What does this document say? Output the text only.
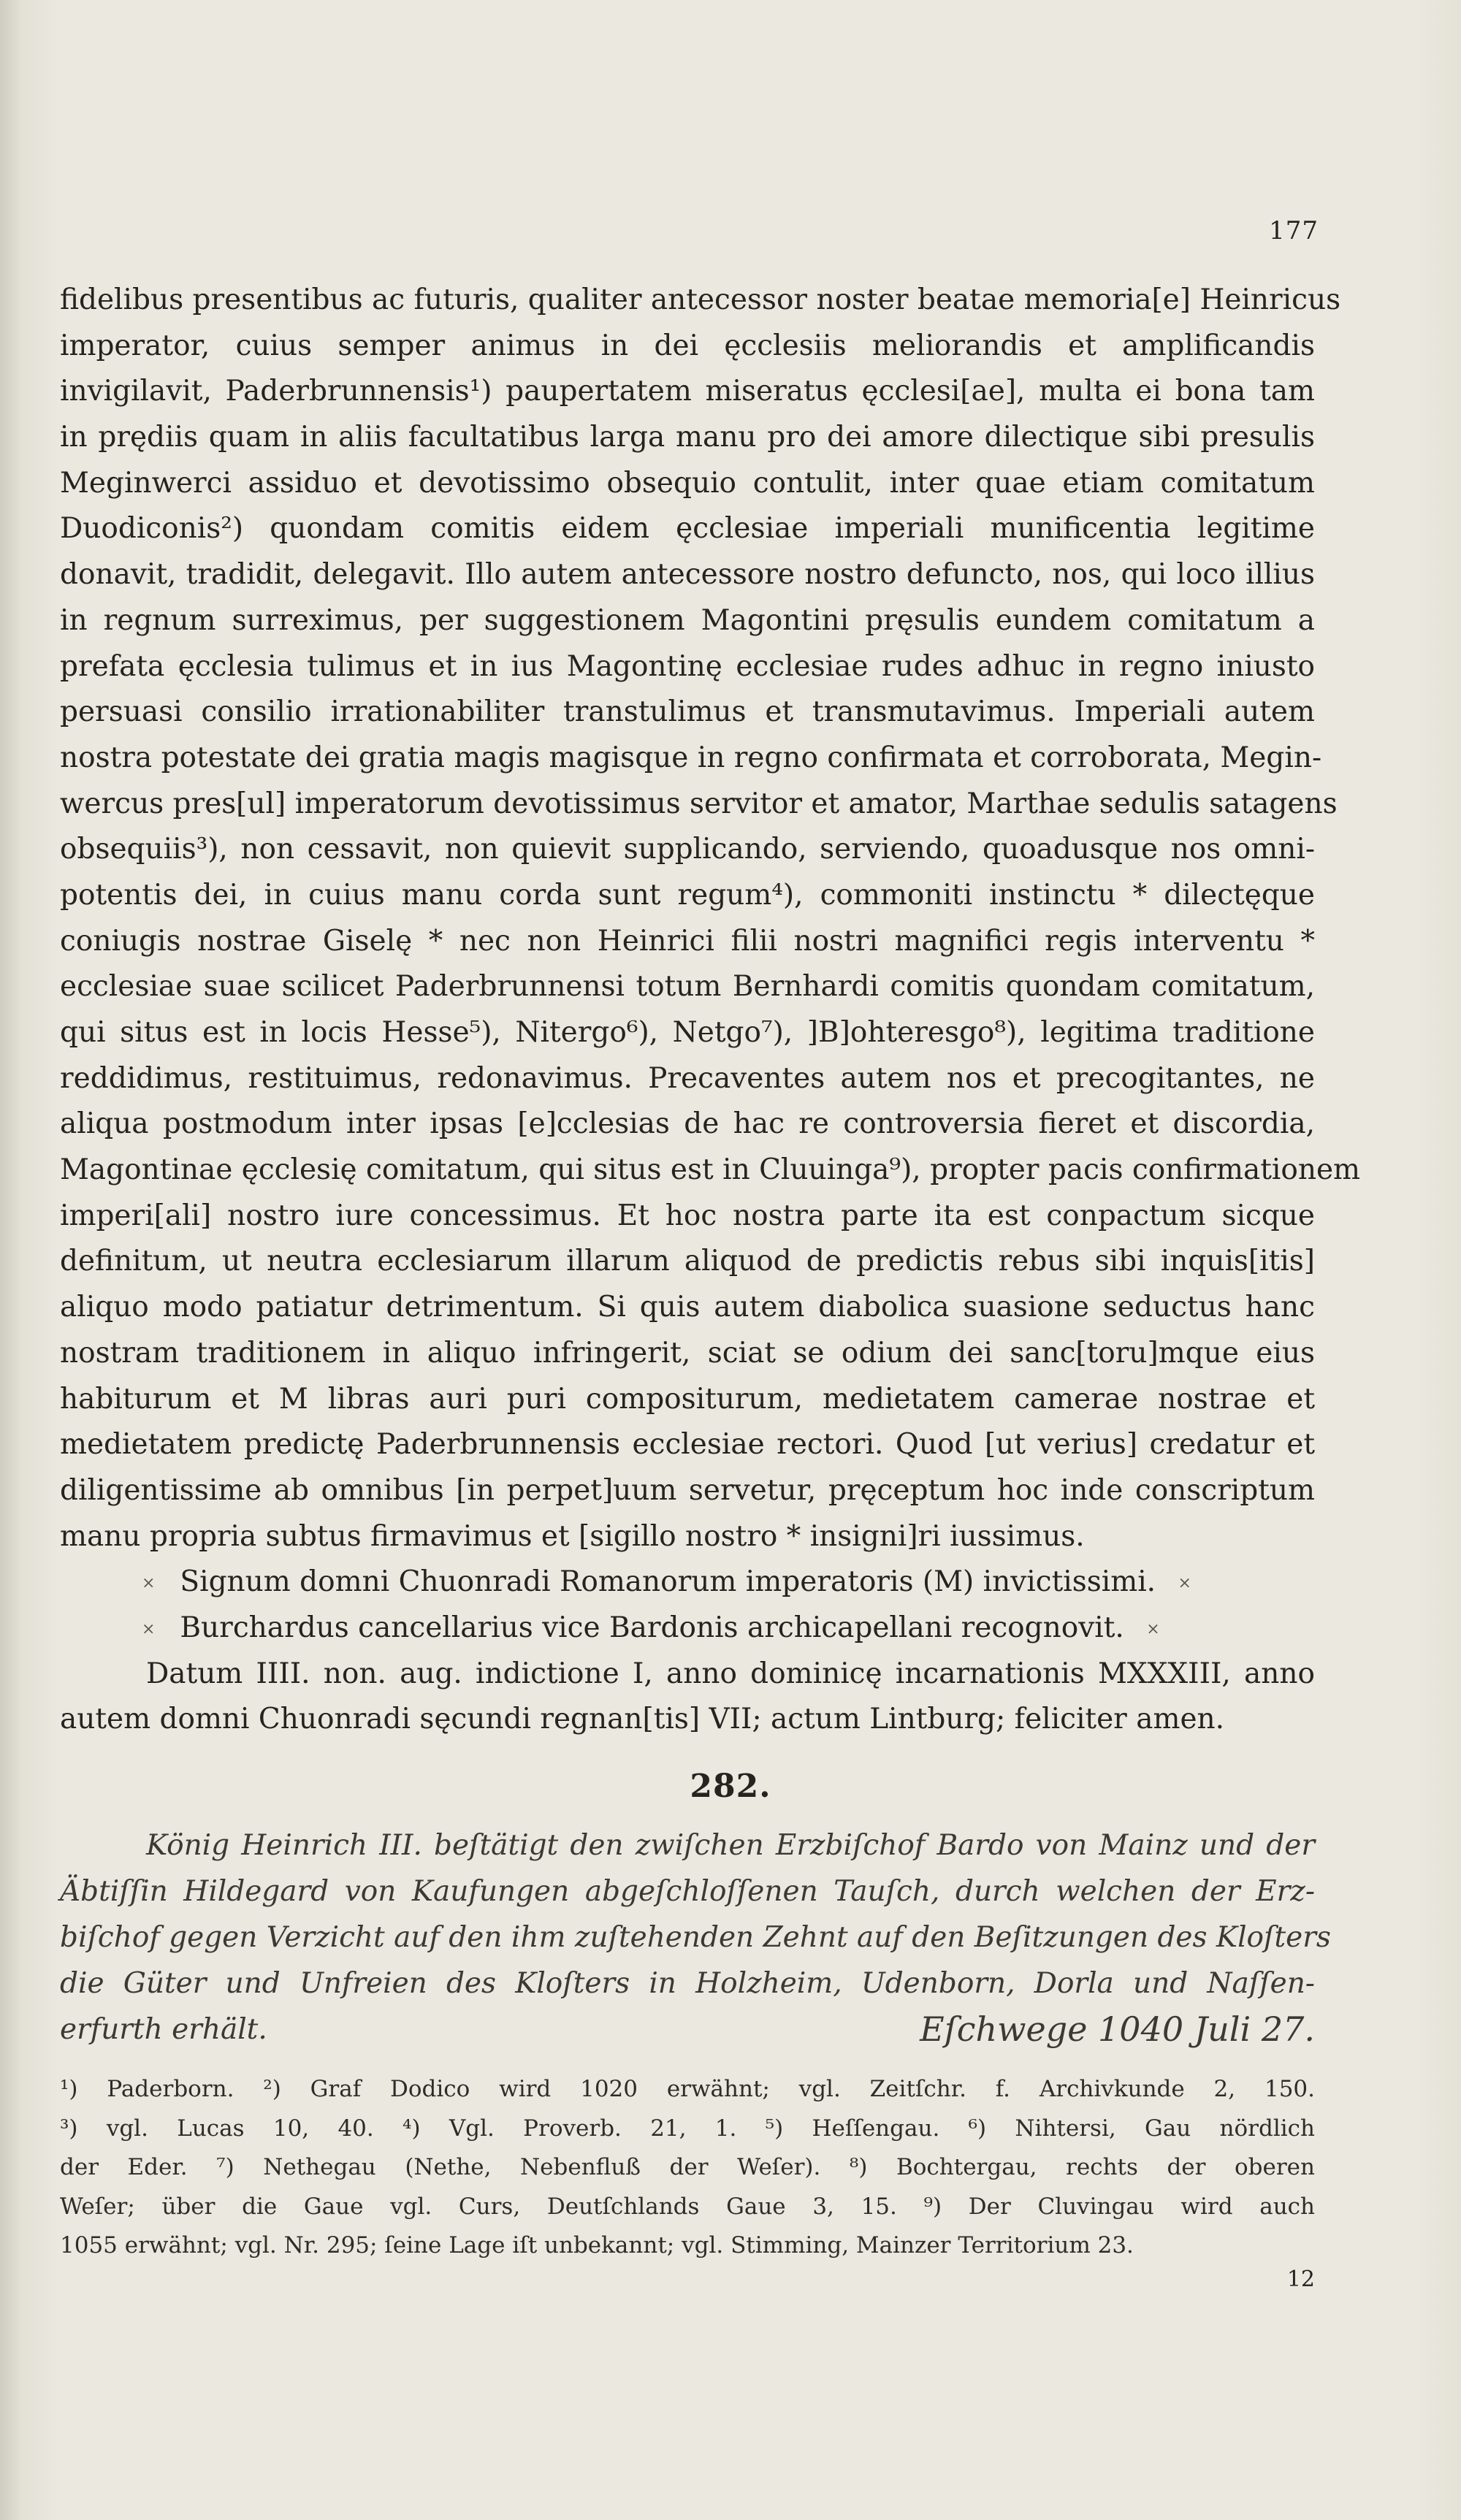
177
fidelibus presentibus ac futuris, qualiter antecessor noster beatae memoria[e] Heinricus
imperator, cuius semper animus in dei ęcclesiis meliorandis et amplificandis
invigilavit, Paderbrunnensis¹) paupertatem miseratus ęcclesi[ae], multa ei bona tam
in prędiis quam in aliis facultatibus larga manu pro dei amore dilectique sibi presulis
Meginwerci assiduo et devotissimo obsequio contulit, inter quae etiam comitatum
Duodiconis²) quondam comitis eidem ęcclesiae imperiali munificentia legitime
donavit, tradidit, delegavit. Illo autem antecessore nostro defuncto, nos, qui loco illius
in regnum surreximus, per suggestionem Magontini pręsulis eundem comitatum a
prefata ęcclesia tulimus et in ius Magontinę ecclesiae rudes adhuc in regno iniusto
persuasi consilio irrationabiliter transtulimus et transmutavimus. Imperiali autem
nostra potestate dei gratia magis magisque in regno confirmata et corroborata, Megin-
wercus pres[ul] imperatorum devotissimus servitor et amator, Marthae sedulis satagens
obsequiis³), non cessavit, non quievit supplicando, serviendo, quoadusque nos omni-
potentis dei, in cuius manu corda sunt regum⁴), commoniti instinctu * dilectęque
coniugis nostrae Giselę * nec non Heinrici filii nostri magnifici regis interventu *
ecclesiae suae scilicet Paderbrunnensi totum Bernhardi comitis quondam comitatum,
qui situs est in locis Hesse⁵), Nitergo⁶), Netgo⁷), ]B]ohteresgo⁸), legitima traditione
reddidimus, restituimus, redonavimus. Precaventes autem nos et precogitantes, ne
aliqua postmodum inter ipsas [e]cclesias de hac re controversia fieret et discordia,
Magontinae ęcclesię comitatum, qui situs est in Cluuinga⁹), propter pacis confirmationem
imperi[ali] nostro iure concessimus. Et hoc nostra parte ita est conpactum sicque
definitum, ut neutra ecclesiarum illarum aliquod de predictis rebus sibi inquis[itis]
aliquo modo patiatur detrimentum. Si quis autem diabolica suasione seductus hanc
nostram traditionem in aliquo infringerit, sciat se odium dei sanc[toru]mque eius
habiturum et M libras auri puri compositurum, medietatem camerae nostrae et
medietatem predictę Paderbrunnensis ecclesiae rectori. Quod [ut verius] credatur et
diligentissime ab omnibus [in perpet]uum servetur, pręceptum hoc inde conscriptum
manu propria subtus firmavimus et [sigillo nostro * insigni]ri iussimus.
⨯ Signum domni Chuonradi Romanorum imperatoris (M) invictissimi. ⨯
⨯ Burchardus cancellarius vice Bardonis archicapellani recognovit. ⨯
Datum IIII. non. aug. indictione I, anno dominicę incarnationis MXXXIII, anno
autem domni Chuonradi sęcundi regnan[tis] VII; actum Lintburg; feliciter amen.
282.
König Heinrich III. beſtätigt den zwiſchen Erzbiſchof Bardo von Mainz und der
Äbtiſſin Hildegard von Kaufungen abgeſchloſſenen Tauſch, durch welchen der Erz-
biſchof gegen Verzicht auf den ihm zuſtehenden Zehnt auf den Beſitzungen des Kloſters
die Güter und Unfreien des Kloſters in Holzheim, Udenborn, Dorla und Naſſen-
erfurth erhält.	Eſchwege 1040 Juli 27.
¹) Paderborn. ²) Graf Dodico wird 1020 erwähnt; vgl. Zeitſchr. f. Archivkunde 2, 150.
³) vgl. Lucas 10, 40. ⁴) Vgl. Proverb. 21, 1. ⁵) Heſſengau. ⁶) Nihtersi, Gau nördlich
der Eder. ⁷) Nethegau (Nethe, Nebenfluß der Weſer). ⁸) Bochtergau, rechts der oberen
Weſer; über die Gaue vgl. Curs, Deutſchlands Gaue 3, 15. ⁹) Der Cluvingau wird auch
1055 erwähnt; vgl. Nr. 295; ſeine Lage iſt unbekannt; vgl. Stimming, Mainzer Territorium 23.
12
